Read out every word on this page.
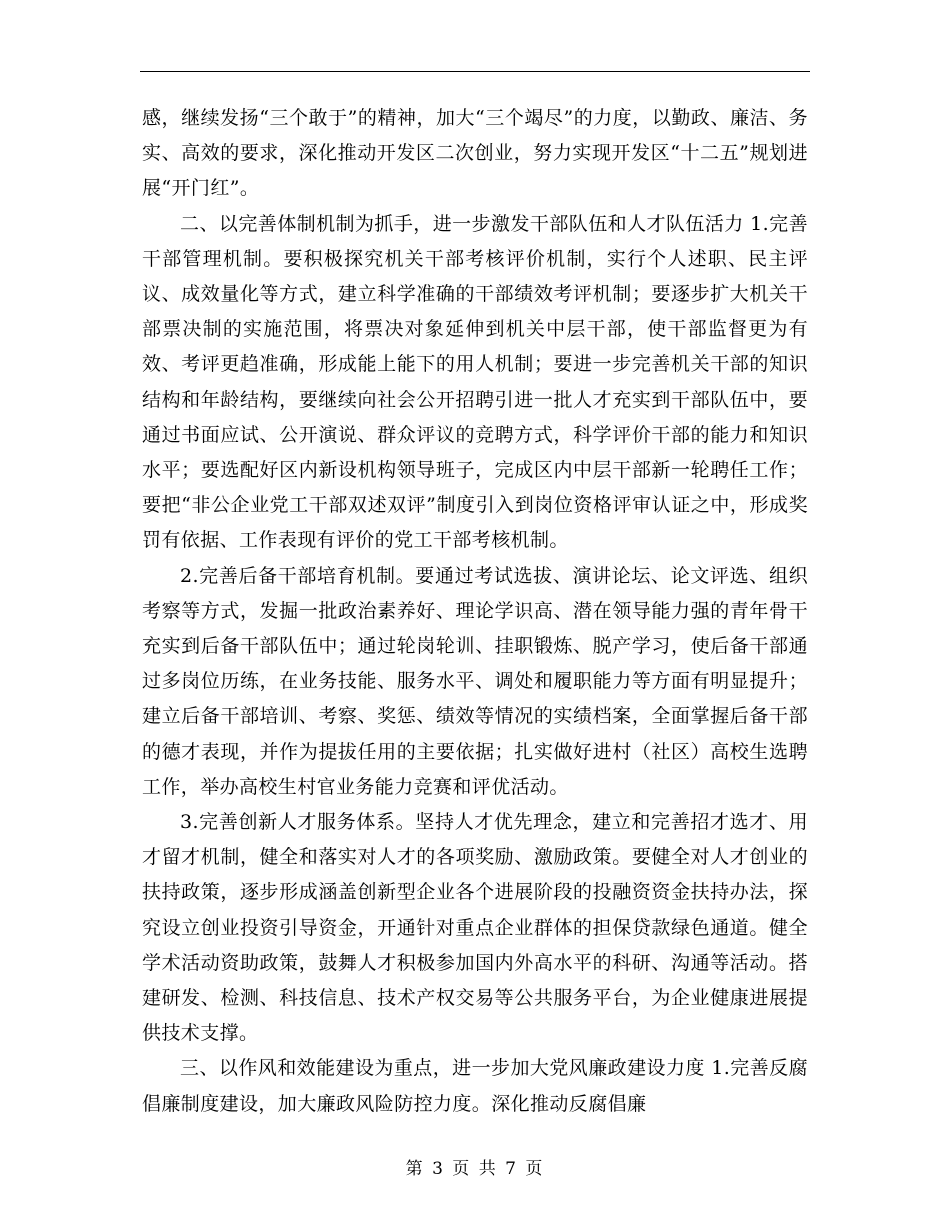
感，继续发扬“三个敢于”的精神，加大“三个竭尽”的力度，以勤政、廉洁、务实、高效的要求，深化推动开发区二次创业，努力实现开发区“十二五”规划进展“开门红”。

二、以完善体制机制为抓手，进一步激发干部队伍和人才队伍活力 1.完善干部管理机制。要积极探究机关干部考核评价机制，实行个人述职、民主评议、成效量化等方式，建立科学准确的干部绩效考评机制；要逐步扩大机关干部票决制的实施范围，将票决对象延伸到机关中层干部，使干部监督更为有效、考评更趋准确，形成能上能下的用人机制；要进一步完善机关干部的知识结构和年龄结构，要继续向社会公开招聘引进一批人才充实到干部队伍中，要通过书面应试、公开演说、群众评议的竞聘方式，科学评价干部的能力和知识水平；要选配好区内新设机构领导班子，完成区内中层干部新一轮聘任工作；要把“非公企业党工干部双述双评”制度引入到岗位资格评审认证之中，形成奖罚有依据、工作表现有评价的党工干部考核机制。

2.完善后备干部培育机制。要通过考试选拔、演讲论坛、论文评选、组织考察等方式，发掘一批政治素养好、理论学识高、潜在领导能力强的青年骨干充实到后备干部队伍中；通过轮岗轮训、挂职锻炼、脱产学习，使后备干部通过多岗位历练，在业务技能、服务水平、调处和履职能力等方面有明显提升；建立后备干部培训、考察、奖惩、绩效等情况的实绩档案，全面掌握后备干部的德才表现，并作为提拔任用的主要依据；扎实做好进村（社区）高校生选聘工作，举办高校生村官业务能力竞赛和评优活动。

3.完善创新人才服务体系。坚持人才优先理念，建立和完善招才选才、用才留才机制，健全和落实对人才的各项奖励、激励政策。要健全对人才创业的扶持政策，逐步形成涵盖创新型企业各个进展阶段的投融资资金扶持办法，探究设立创业投资引导资金，开通针对重点企业群体的担保贷款绿色通道。健全学术活动资助政策，鼓舞人才积极参加国内外高水平的科研、沟通等活动。搭建研发、检测、科技信息、技术产权交易等公共服务平台，为企业健康进展提供技术支撑。

三、以作风和效能建设为重点，进一步加大党风廉政建设力度 1.完善反腐倡廉制度建设，加大廉政风险防控力度。深化推动反腐倡廉

第 3 页 共 7 页
